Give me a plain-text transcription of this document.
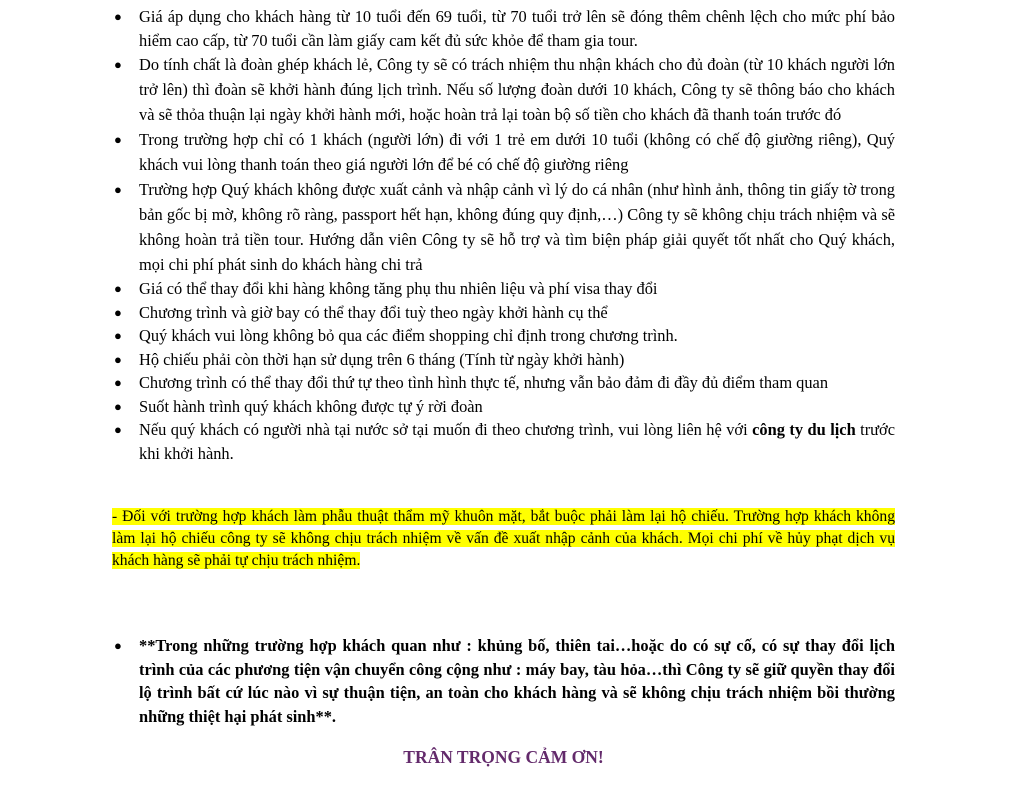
● Giá áp dụng cho khách hàng từ 10 tuổi đến 69 tuổi, từ 70 tuổi trở lên sẽ đóng thêm chênh lệch cho mức phí bảo hiểm cao cấp, từ 70 tuổi cần làm giấy cam kết đủ sức khỏe để tham gia tour.
● Do tính chất là đoàn ghép khách lẻ, Công ty sẽ có trách nhiệm thu nhận khách cho đủ đoàn (từ 10 khách người lớn trở lên) thì đoàn sẽ khởi hành đúng lịch trình. Nếu số lượng đoàn dưới 10 khách, Công ty sẽ thông báo cho khách và sẽ thỏa thuận lại ngày khởi hành mới, hoặc hoàn trả lại toàn bộ số tiền cho khách đã thanh toán trước đó
● Trong trường hợp chỉ có 1 khách (người lớn) đi với 1 trẻ em dưới 10 tuổi (không có chế độ giường riêng), Quý khách vui lòng thanh toán theo giá người lớn để bé có chế độ giường riêng
● Trường hợp Quý khách không được xuất cảnh và nhập cảnh vì lý do cá nhân (như hình ảnh, thông tin giấy tờ trong bản gốc bị mờ, không rõ ràng, passport hết hạn, không đúng quy định,…) Công ty sẽ không chịu trách nhiệm và sẽ không hoàn trả tiền tour. Hướng dẫn viên Công ty sẽ hỗ trợ và tìm biện pháp giải quyết tốt nhất cho Quý khách, mọi chi phí phát sinh do khách hàng chi trả
● Giá có thể thay đổi khi hàng không tăng phụ thu nhiên liệu và phí visa thay đổi
● Chương trình và giờ bay có thể thay đổi tuỳ theo ngày khởi hành cụ thể
● Quý khách vui lòng không bỏ qua các điểm shopping chỉ định trong chương trình.
● Hộ chiếu phải còn thời hạn sử dụng trên 6 tháng (Tính từ ngày khởi hành)
● Chương trình có thể thay đổi thứ tự theo tình hình thực tế, nhưng vẫn bảo đảm đi đầy đủ điểm tham quan
● Suốt hành trình quý khách không được tự ý rời đoàn
● Nếu quý khách có người nhà tại nước sở tại muốn đi theo chương trình, vui lòng liên hệ với công ty du lịch trước khi khởi hành.
- Đối với trường hợp khách làm phẫu thuật thẩm mỹ khuôn mặt, bắt buộc phải làm lại hộ chiếu. Trường hợp khách không làm lại hộ chiếu công ty sẽ không chịu trách nhiệm về vấn đề xuất nhập cảnh của khách. Mọi chi phí về hủy phạt dịch vụ khách hàng sẽ phải tự chịu trách nhiệm.
● **Trong những trường hợp khách quan như : khủng bố, thiên tai…hoặc do có sự cố, có sự thay đổi lịch trình của các phương tiện vận chuyển công cộng như : máy bay, tàu hỏa…thì Công ty sẽ giữ quyền thay đổi lộ trình bất cứ lúc nào vì sự thuận tiện, an toàn cho khách hàng và sẽ không chịu trách nhiệm bồi thường những thiệt hại phát sinh**.
TRÂN TRỌNG CẢM ƠN!
